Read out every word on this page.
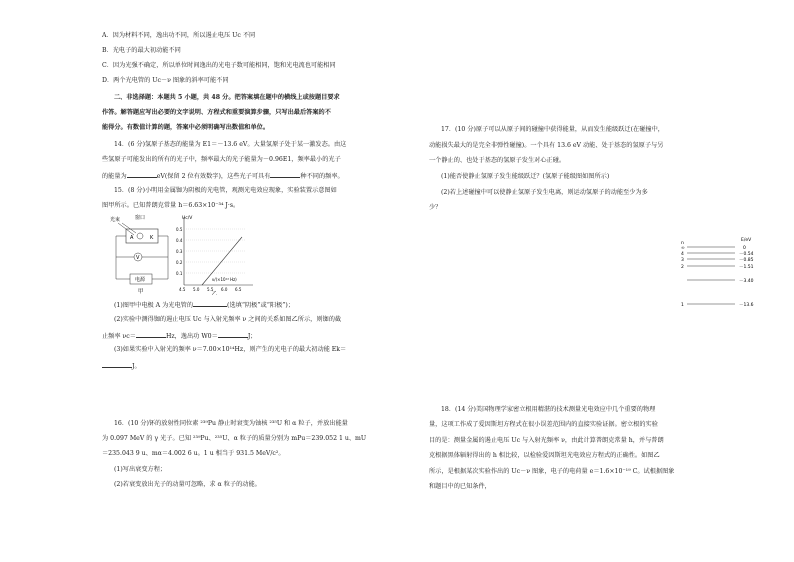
A．因为材料不同，逸出功不同，所以遏止电压 Uc 不同
B．光电子的最大初动能不同
C．因为光强不确定，所以单位时间逸出的光电子数可能相同，饱和光电流也可能相同
D．两个光电管的 Uc－ν 图象的斜率可能不同
二、非选择题：本题共 5 小题，共 48 分。把答案填在题中的横线上或按题目要求
作答。解答题应写出必要的文字说明、方程式和重要演算步骤，只写出最后答案的不
能得分。有数值计算的题，答案中必须明确写出数值和单位。
14．(6 分)氢原子基态的能量为 E1＝－13.6 eV。大量氢原子处于某一激发态。由这
些氢原子可能发出的所有的光子中，频率最大的光子能量为－0.96E1，频率最小的光子
的能量为	eV(保留 2 位有效数字)，这些光子可具有	种不同的频率。
15．(8 分)小明用金属铷为阴极的光电管，观测光电效应现象，实验装置示意图如
图甲所示。已知普朗克常量 h＝6.63×10⁻³⁴ J·s。
光束	窗口
A	K
V
电源
甲
Uc/V
0.5
0.4
0.3
0.2
0.1
ν/(×10¹⁴ Hz)
4.5 5.0 5.5 6.0 6.5
乙
(1)图甲中电极 A 为光电管的	(选填“阴极”或“阳极”)；
(2)实验中测得铷的遏止电压 Uc 与入射光频率 ν 之间的关系如图乙所示，则铷的截
止频率 νc＝	Hz，逸出功 W0＝	J；
(3)如果实验中入射光的频率 ν＝7.00×10¹⁴Hz，则产生的光电子的最大初动能 Ek＝
J。
16．(10 分)钚的放射性同位素 ²³⁹Pu 静止时衰变为铀核 ²³⁵U 和 α 粒子，并放出能量
为 0.097 MeV 的 γ 光子。已知 ²³⁹Pu、²³⁵U、α 粒子的质量分别为 mPu＝239.052 1 u、mU
＝235.043 9 u、mα＝4.002 6 u。1 u 相当于 931.5 MeV/c²。
(1)写出衰变方程；
(2)若衰变放出光子的动量可忽略，求 α 粒子的动能。
17．(10 分)原子可以从原子间的碰撞中获得能量，从而发生能级跃迁(在碰撞中，
动能损失最大的是完全非弹性碰撞)。一个具有 13.6 eV 动能、处于基态的氢原子与另
一个静止的、也处于基态的氢原子发生对心正碰。
(1)能否使静止氢原子发生能级跃迁？(氢原子能级图如图所示)
(2)若上述碰撞中可以使静止氢原子发生电离，则运动氢原子的动能至少为多
少？
E/eV
n
∞	0
4	－0.54
3	－0.85
2	－1.51
－3.40
1	－13.6
18．(14 分)美国物理学家密立根用精湛的技术测量光电效应中几个重要的物理
量，这项工作成了爱因斯坦方程式在很小误差范围内的直接实验证据。密立根的实验
目的是：测量金属的遏止电压 Uc 与入射光频率 ν，由此计算普朗克常量 h，并与普朗
克根据黑体辐射得出的 h 相比较，以检验爱因斯坦光电效应方程式的正确性。如图乙
所示，是根据某次实验作出的 Uc－ν 图象，电子的电荷量 e＝1.6×10⁻¹⁹ C。试根据图象
和题目中的已知条件，
